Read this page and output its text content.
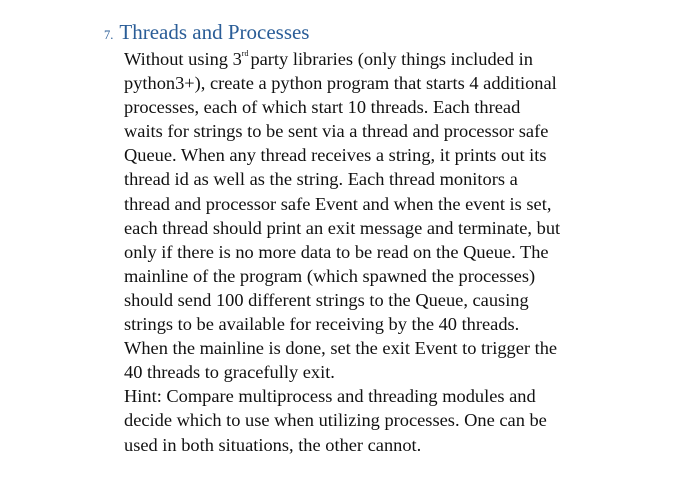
7. Threads and Processes
Without using 3rd party libraries (only things included in
python3+), create a python program that starts 4 additional
processes, each of which start 10 threads. Each thread
waits for strings to be sent via a thread and processor safe
Queue. When any thread receives a string, it prints out its
thread id as well as the string. Each thread monitors a
thread and processor safe Event and when the event is set,
each thread should print an exit message and terminate, but
only if there is no more data to be read on the Queue. The
mainline of the program (which spawned the processes)
should send 100 different strings to the Queue, causing
strings to be available for receiving by the 40 threads.
When the mainline is done, set the exit Event to trigger the
40 threads to gracefully exit.
Hint: Compare multiprocess and threading modules and
decide which to use when utilizing processes. One can be
used in both situations, the other cannot.
